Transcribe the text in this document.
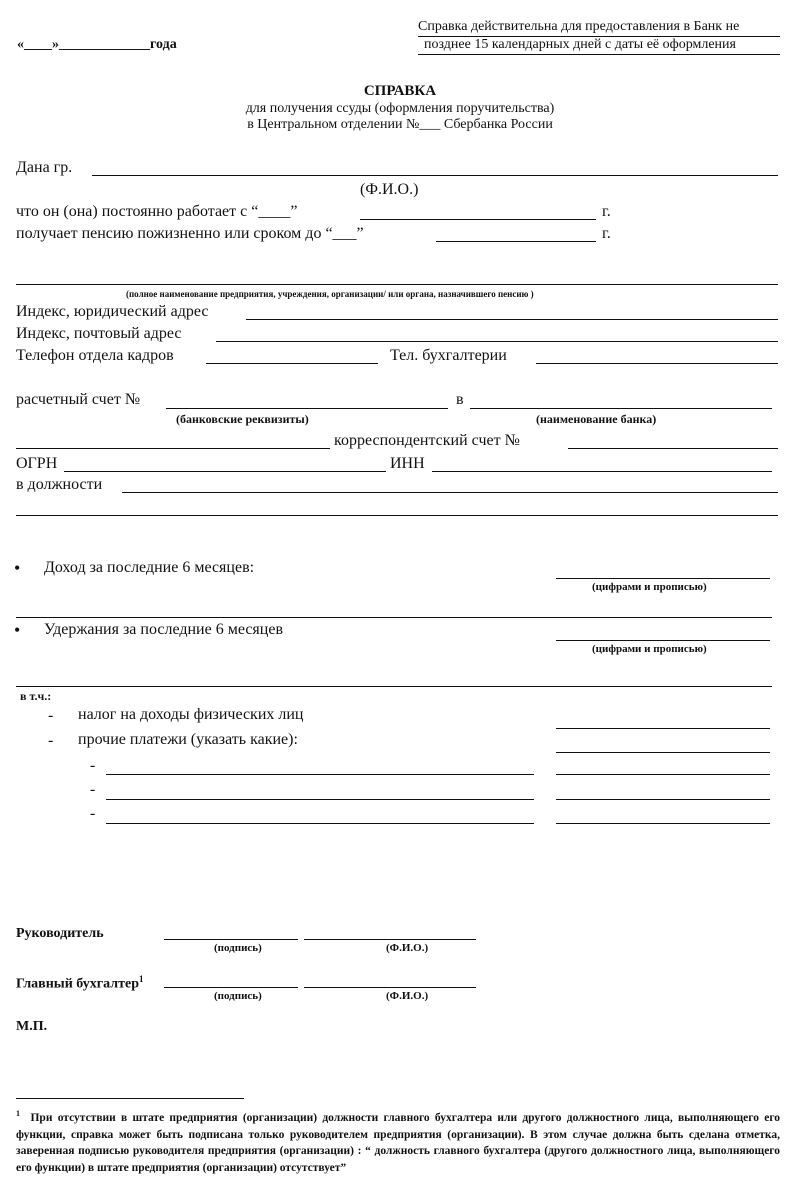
«____»_____________года
Справка действительна для предоставления в Банк не
позднее 15 календарных дней с даты её оформления
СПРАВКА
для получения ссуды (оформления поручительства)
в Центральном отделении №___ Сбербанка России
Дана гр.
(Ф.И.О.)
что он (она) постоянно работает с “____”	г.
получает пенсию пожизненно или сроком до “___”	г.
(полное наименование предприятия, учреждения, организации/ или органа, назначившего пенсию )
Индекс, юридический адрес
Индекс, почтовый адрес
Телефон отдела кадров	Тел. бухгалтерии
расчетный счет №	в
(банковские реквизиты)	(наименование банка)
корреспондентский счет №
ОГРН	ИНН
в должности
• Доход за последние 6 месяцев:
(цифрами и прописью)
• Удержания за последние 6 месяцев
(цифрами и прописью)
в т.ч.:
- налог на доходы физических лиц
- прочие платежи (указать какие):
-
-
-
Руководитель
(подпись)	(Ф.И.О.)
Главный бухгалтер$^1$
(подпись)	(Ф.И.О.)
М.П.
$^1$ При отсутствии в штате предприятия (организации) должности главного бухгалтера или другого должностного лица, выполняющего его функции, справка может быть подписана только руководителем предприятия (организации). В этом случае должна быть сделана отметка, заверенная подписью руководителя предприятия (организации) : “ должность главного бухгалтера (другого должностного лица, выполняющего его функции) в штате предприятия (организации) отсутствует”
